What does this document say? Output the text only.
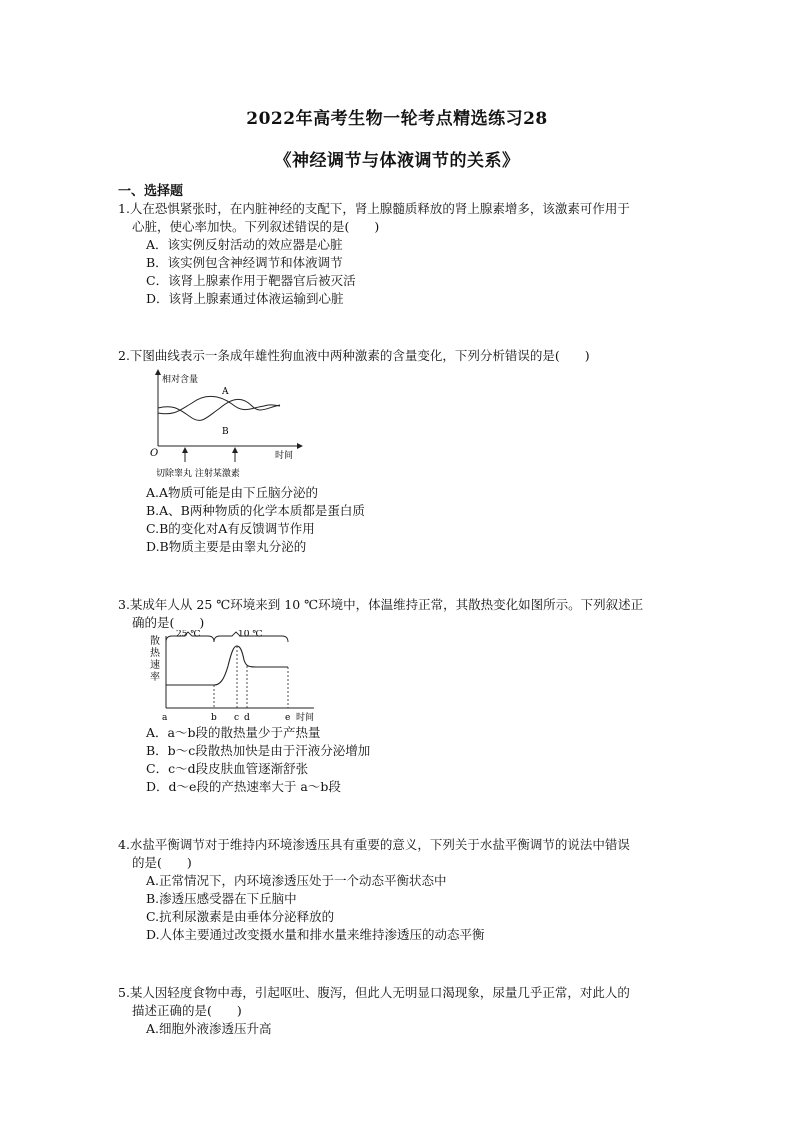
2022年高考生物一轮考点精选练习28
《神经调节与体液调节的关系》
一、选择题
1.人在恐惧紧张时，在内脏神经的支配下，肾上腺髓质释放的肾上腺素增多，该激素可作用于
心脏，使心率加快。下列叙述错误的是(　　)
A．该实例反射活动的效应器是心脏
B．该实例包含神经调节和体液调节
C．该肾上腺素作用于靶器官后被灭活
D．该肾上腺素通过体液运输到心脏
2.下图曲线表示一条成年雄性狗血液中两种激素的含量变化，下列分析错误的是(　　)
相对含量
时间
O
A
B
切除睾丸 注射某激素
A.A物质可能是由下丘脑分泌的
B.A、B两种物质的化学本质都是蛋白质
C.B的变化对A有反馈调节作用
D.B物质主要是由睾丸分泌的
3.某成年人从 25 ℃环境来到 10 ℃环境中，体温维持正常，其散热变化如图所示。下列叙述正
确的是(　　)
散
热
速
率
25 ℃	10 ℃
a	b c d	e 时间
A．a～b段的散热量少于产热量
B．b～c段散热加快是由于汗液分泌增加
C．c～d段皮肤血管逐渐舒张
D．d～e段的产热速率大于 a～b段
4.水盐平衡调节对于维持内环境渗透压具有重要的意义，下列关于水盐平衡调节的说法中错误
的是(　　)
A.正常情况下，内环境渗透压处于一个动态平衡状态中
B.渗透压感受器在下丘脑中
C.抗利尿激素是由垂体分泌释放的
D.人体主要通过改变摄水量和排水量来维持渗透压的动态平衡
5.某人因轻度食物中毒，引起呕吐、腹泻，但此人无明显口渴现象，尿量几乎正常，对此人的
描述正确的是(　　)
A.细胞外液渗透压升高
